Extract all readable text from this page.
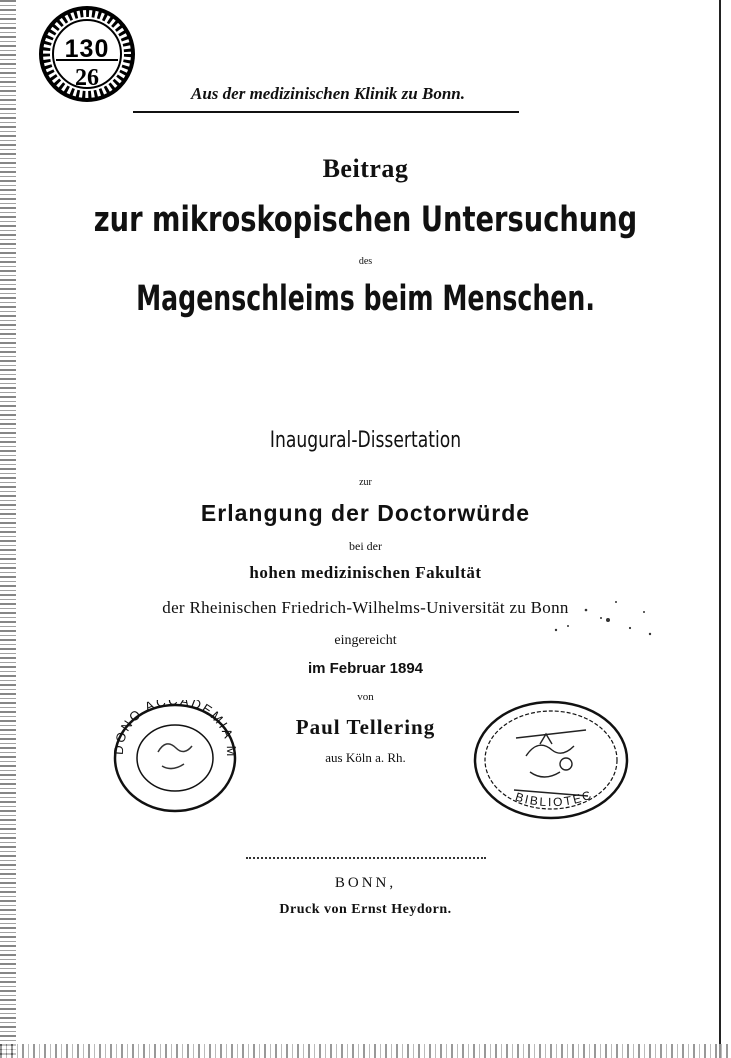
130
26
Aus der medizinischen Klinik zu Bonn.
Beitrag
zur mikroskopischen Untersuchung
des
Magenschleims beim Menschen.
Inaugural-Dissertation
zur
Erlangung der Doctorwürde
bei der
hohen medizinischen Fakultät
der Rheinischen Friedrich-Wilhelms-Universität zu Bonn
eingereicht
im Februar 1894
von
Paul Tellering
aus Köln a. Rh.
DONO ACCADEMIA M
BIBLIOTEC
BONN,
Druck von Ernst Heydorn.
